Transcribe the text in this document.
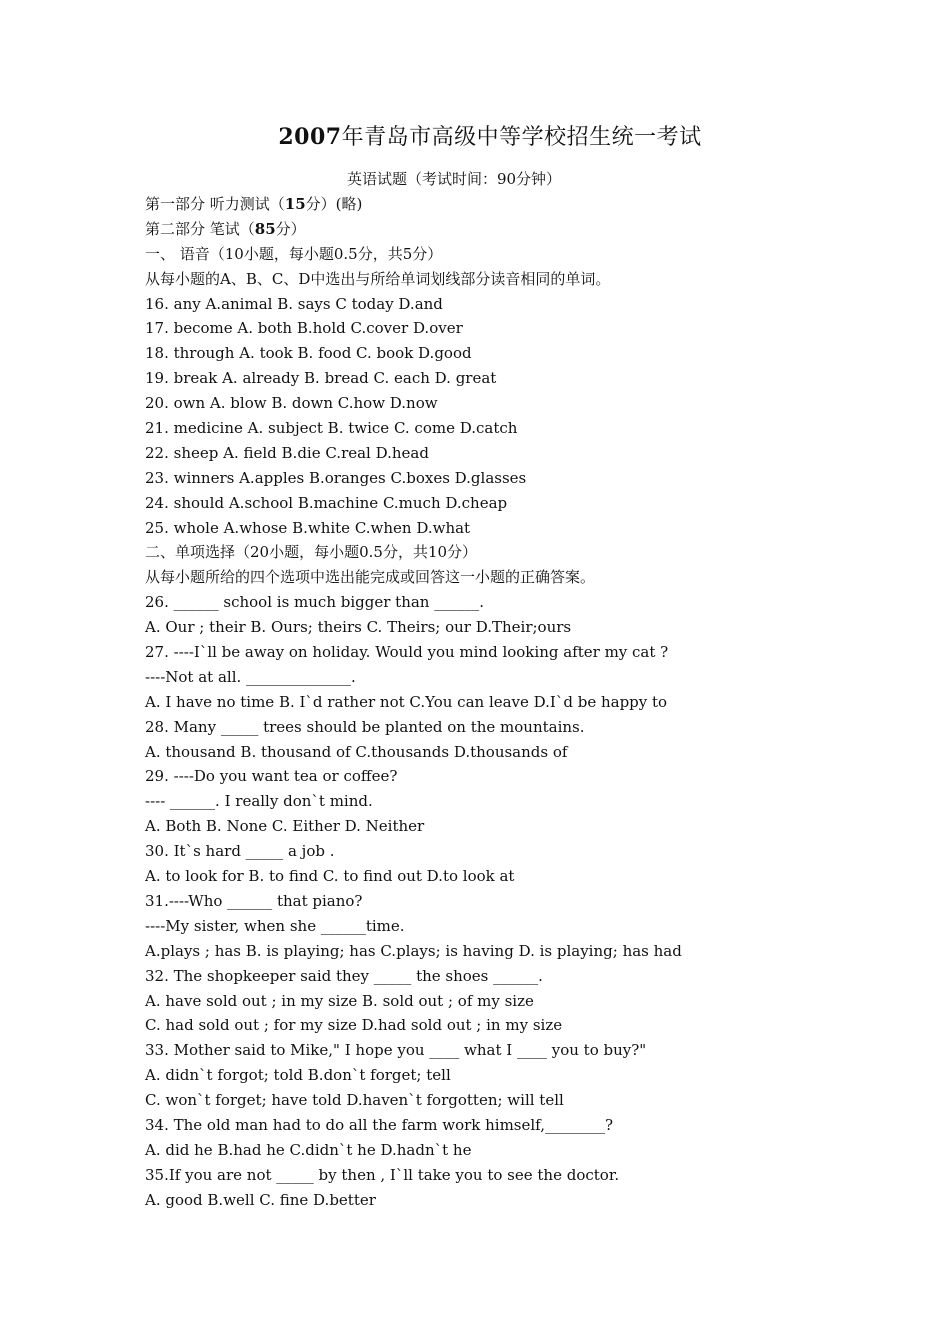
2007年青岛市高级中等学校招生统一考试
英语试题（考试时间：90分钟）
第一部分 听力测试（15分）(略)
第二部分 笔试（85分）
一、 语音（10小题，每小题0.5分，共5分）
从每小题的A、B、C、D中选出与所给单词划线部分读音相同的单词。
16. any A.animal B. says C today D.and
17. become A. both B.hold C.cover D.over
18. through A. took B. food C. book D.good
19. break A. already B. bread C. each D. great
20. own A. blow B. down C.how D.now
21. medicine A. subject B. twice C. come D.catch
22. sheep A. field B.die C.real D.head
23. winners A.apples B.oranges C.boxes D.glasses
24. should A.school B.machine C.much D.cheap
25. whole A.whose B.white C.when D.what
二、单项选择（20小题，每小题0.5分，共10分）
从每小题所给的四个选项中选出能完成或回答这一小题的正确答案。
26. ______ school is much bigger than ______.
A. Our ; their B. Ours; theirs C. Theirs; our D.Their;ours
27. ----I`ll be away on holiday. Would you mind looking after my cat ?
----Not at all. ______________.
A. I have no time B. I`d rather not C.You can leave D.I`d be happy to
28. Many _____ trees should be planted on the mountains.
A. thousand B. thousand of C.thousands D.thousands of
29. ----Do you want tea or coffee?
---- ______. I really don`t mind.
A. Both B. None C. Either D. Neither
30. It`s hard _____ a job .
A. to look for B. to find C. to find out D.to look at
31.----Who ______ that piano?
----My sister, when she ______time.
A.plays ; has B. is playing; has C.plays; is having D. is playing; has had
32. The shopkeeper said they _____ the shoes ______.
A. have sold out ; in my size B. sold out ; of my size
C. had sold out ; for my size D.had sold out ; in my size
33. Mother said to Mike," I hope you ____ what I ____ you to buy?"
A. didn`t forgot; told B.don`t forget; tell
C. won`t forget; have told D.haven`t forgotten; will tell
34. The old man had to do all the farm work himself,________?
A. did he B.had he C.didn`t he D.hadn`t he
35.If you are not _____ by then , I`ll take you to see the doctor.
A. good B.well C. fine D.better
